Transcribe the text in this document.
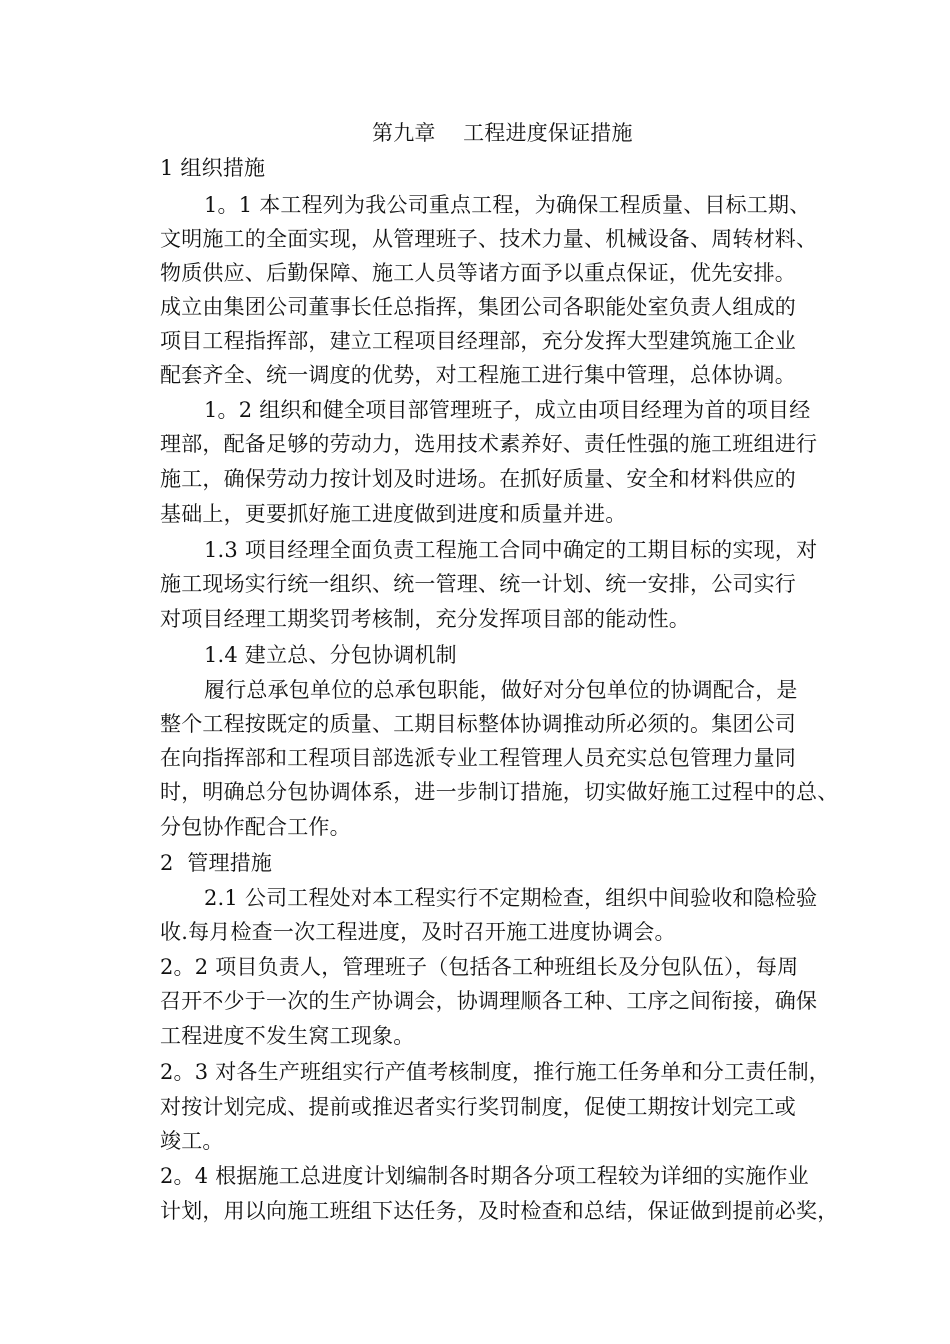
第九章    工程进度保证措施
1 组织措施
1。1 本工程列为我公司重点工程，为确保工程质量、目标工期、
文明施工的全面实现，从管理班子、技术力量、机械设备、周转材料、
物质供应、后勤保障、施工人员等诸方面予以重点保证，优先安排。
成立由集团公司董事长任总指挥，集团公司各职能处室负责人组成的
项目工程指挥部，建立工程项目经理部，充分发挥大型建筑施工企业
配套齐全、统一调度的优势，对工程施工进行集中管理，总体协调。
1。2 组织和健全项目部管理班子，成立由项目经理为首的项目经
理部，配备足够的劳动力，选用技术素养好、责任性强的施工班组进行
施工，确保劳动力按计划及时进场。在抓好质量、安全和材料供应的
基础上，更要抓好施工进度做到进度和质量并进。
1.3 项目经理全面负责工程施工合同中确定的工期目标的实现，对
施工现场实行统一组织、统一管理、统一计划、统一安排，公司实行
对项目经理工期奖罚考核制，充分发挥项目部的能动性。
1.4 建立总、分包协调机制
履行总承包单位的总承包职能，做好对分包单位的协调配合，是
整个工程按既定的质量、工期目标整体协调推动所必须的。集团公司
在向指挥部和工程项目部选派专业工程管理人员充实总包管理力量同
时，明确总分包协调体系，进一步制订措施，切实做好施工过程中的总、
分包协作配合工作。
2  管理措施
2.1 公司工程处对本工程实行不定期检查，组织中间验收和隐检验
收.每月检查一次工程进度，及时召开施工进度协调会。
2。2 项目负责人，管理班子（包括各工种班组长及分包队伍），每周
召开不少于一次的生产协调会，协调理顺各工种、工序之间衔接，确保
工程进度不发生窝工现象。
2。3 对各生产班组实行产值考核制度，推行施工任务单和分工责任制，
对按计划完成、提前或推迟者实行奖罚制度，促使工期按计划完工或
竣工。
2。4 根据施工总进度计划编制各时期各分项工程较为详细的实施作业
计划，用以向施工班组下达任务，及时检查和总结，保证做到提前必奖，
